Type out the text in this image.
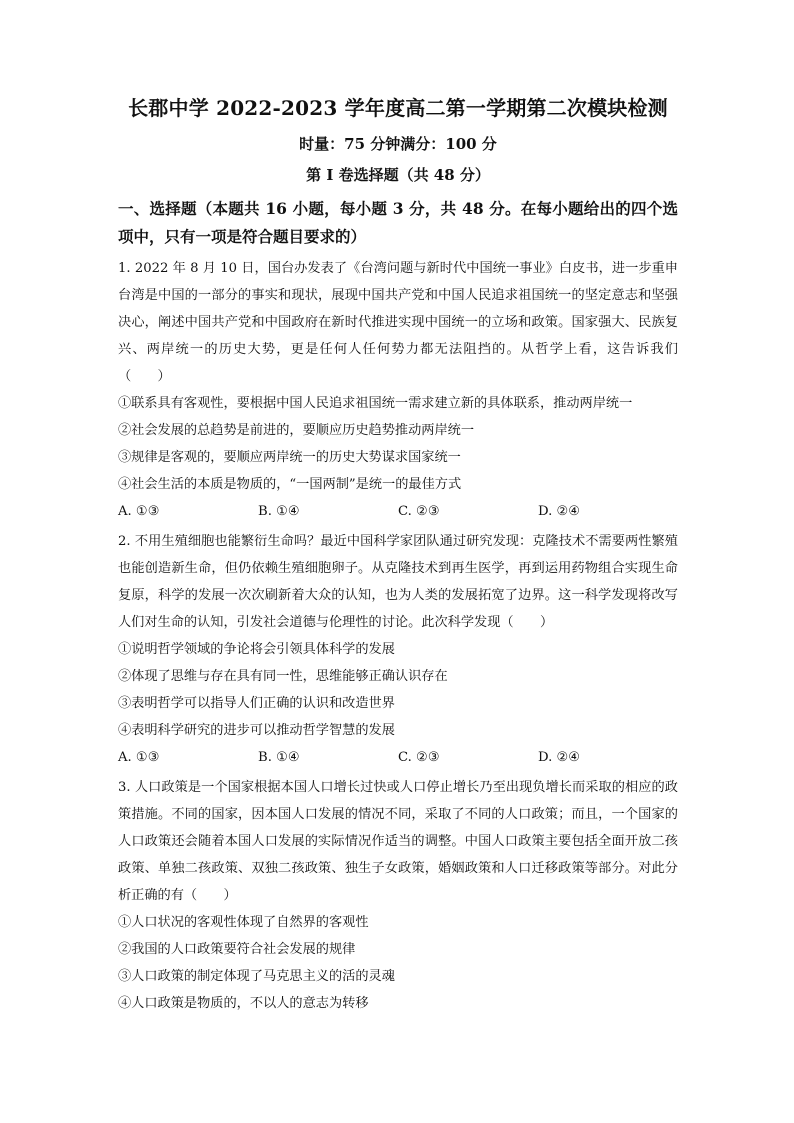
长郡中学 2022-2023 学年度高二第一学期第二次模块检测
时量：75 分钟满分：100 分
第 I 卷选择题（共 48 分）
一、选择题（本题共 16 小题，每小题 3 分，共 48 分。在每小题给出的四个选项中，只有一项是符合题目要求的）

1. 2022 年 8 月 10 日，国台办发表了《台湾问题与新时代中国统一事业》白皮书，进一步重申台湾是中国的一部分的事实和现状，展现中国共产党和中国人民追求祖国统一的坚定意志和坚强决心，阐述中国共产党和中国政府在新时代推进实现中国统一的立场和政策。国家强大、民族复兴、两岸统一的历史大势，更是任何人任何势力都无法阻挡的。从哲学上看，这告诉我们（　　）

①联系具有客观性，要根据中国人民追求祖国统一需求建立新的具体联系，推动两岸统一

②社会发展的总趋势是前进的，要顺应历史趋势推动两岸统一

③规律是客观的，要顺应两岸统一的历史大势谋求国家统一

④社会生活的本质是物质的，“一国两制”是统一的最佳方式

A. ①③	B. ①④	C. ②③	D. ②④

2. 不用生殖细胞也能繁衍生命吗？最近中国科学家团队通过研究发现：克隆技术不需要两性繁殖也能创造新生命，但仍依赖生殖细胞卵子。从克隆技术到再生医学，再到运用药物组合实现生命复原，科学的发展一次次刷新着大众的认知，也为人类的发展拓宽了边界。这一科学发现将改写人们对生命的认知，引发社会道德与伦理性的讨论。此次科学发现（　　）

①说明哲学领域的争论将会引领具体科学的发展

②体现了思维与存在具有同一性，思维能够正确认识存在

③表明哲学可以指导人们正确的认识和改造世界

④表明科学研究的进步可以推动哲学智慧的发展

A. ①③	B. ①④	C. ②③	D. ②④

3. 人口政策是一个国家根据本国人口增长过快或人口停止增长乃至出现负增长而采取的相应的政策措施。不同的国家，因本国人口发展的情况不同，采取了不同的人口政策；而且，一个国家的人口政策还会随着本国人口发展的实际情况作适当的调整。中国人口政策主要包括全面开放二孩政策、单独二孩政策、双独二孩政策、独生子女政策，婚姻政策和人口迁移政策等部分。对此分析正确的有（　　）

①人口状况的客观性体现了自然界的客观性

②我国的人口政策要符合社会发展的规律

③人口政策的制定体现了马克思主义的活的灵魂

④人口政策是物质的，不以人的意志为转移
